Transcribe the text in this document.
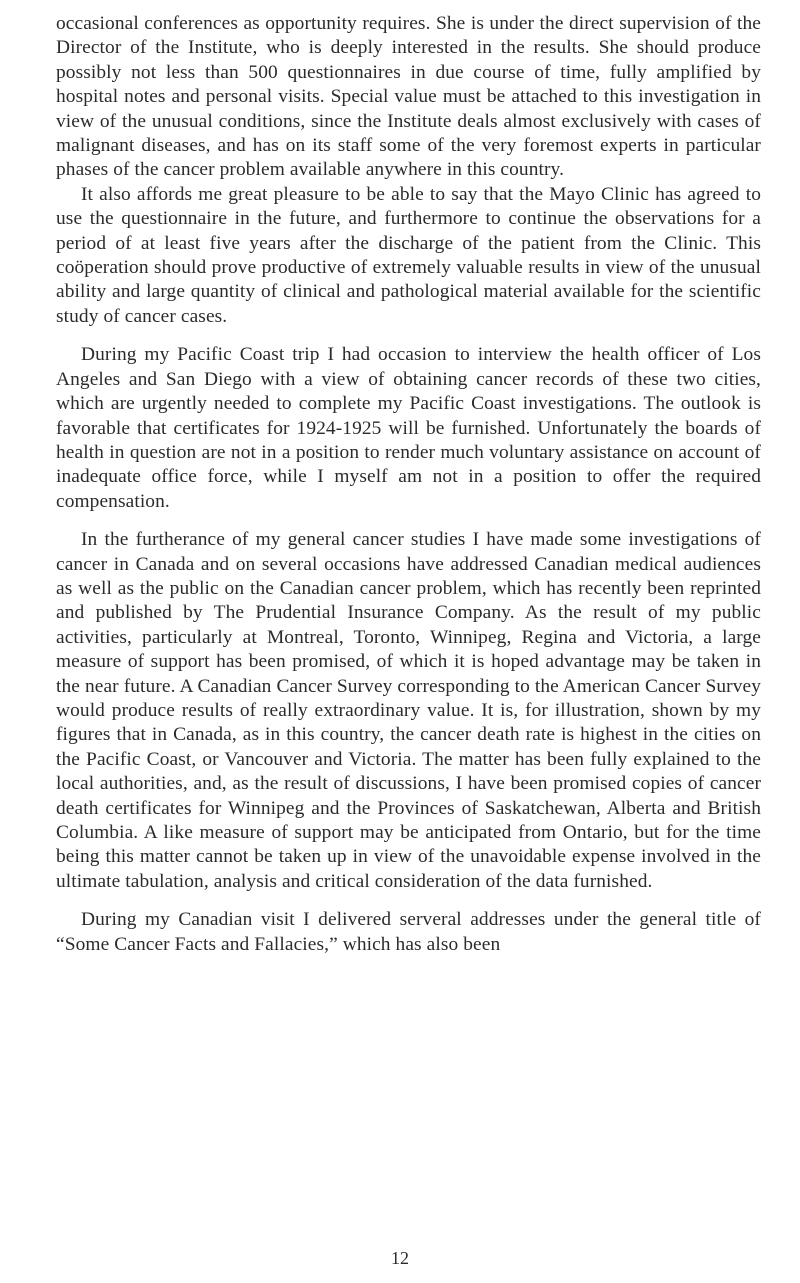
occasional conferences as opportunity requires. She is under the direct supervision of the Director of the Institute, who is deeply interested in the results. She should produce possibly not less than 500 questionnaires in due course of time, fully amplified by hospital notes and personal visits. Special value must be attached to this investigation in view of the unusual conditions, since the Institute deals almost exclusively with cases of malignant diseases, and has on its staff some of the very foremost experts in particular phases of the cancer problem available anywhere in this country.

It also affords me great pleasure to be able to say that the Mayo Clinic has agreed to use the questionnaire in the future, and furthermore to continue the observations for a period of at least five years after the discharge of the patient from the Clinic. This coöperation should prove productive of extremely valuable results in view of the unusual ability and large quantity of clinical and pathological material available for the scientific study of cancer cases.

During my Pacific Coast trip I had occasion to interview the health officer of Los Angeles and San Diego with a view of obtaining cancer records of these two cities, which are urgently needed to complete my Pacific Coast investigations. The outlook is favorable that certificates for 1924-1925 will be furnished. Unfortunately the boards of health in question are not in a position to render much voluntary assistance on account of inadequate office force, while I myself am not in a position to offer the required compensation.

In the furtherance of my general cancer studies I have made some investigations of cancer in Canada and on several occasions have addressed Canadian medical audiences as well as the public on the Canadian cancer problem, which has recently been reprinted and published by The Prudential Insurance Company. As the result of my public activities, particularly at Montreal, Toronto, Winnipeg, Regina and Victoria, a large measure of support has been promised, of which it is hoped advantage may be taken in the near future. A Canadian Cancer Survey corresponding to the American Cancer Survey would produce results of really extraordinary value. It is, for illustration, shown by my figures that in Canada, as in this country, the cancer death rate is highest in the cities on the Pacific Coast, or Vancouver and Victoria. The matter has been fully explained to the local authorities, and, as the result of discussions, I have been promised copies of cancer death certificates for Winnipeg and the Provinces of Saskatchewan, Alberta and British Columbia. A like measure of support may be anticipated from Ontario, but for the time being this matter cannot be taken up in view of the unavoidable expense involved in the ultimate tabulation, analysis and critical consideration of the data furnished.

During my Canadian visit I delivered serveral addresses under the general title of “Some Cancer Facts and Fallacies,” which has also been

12
